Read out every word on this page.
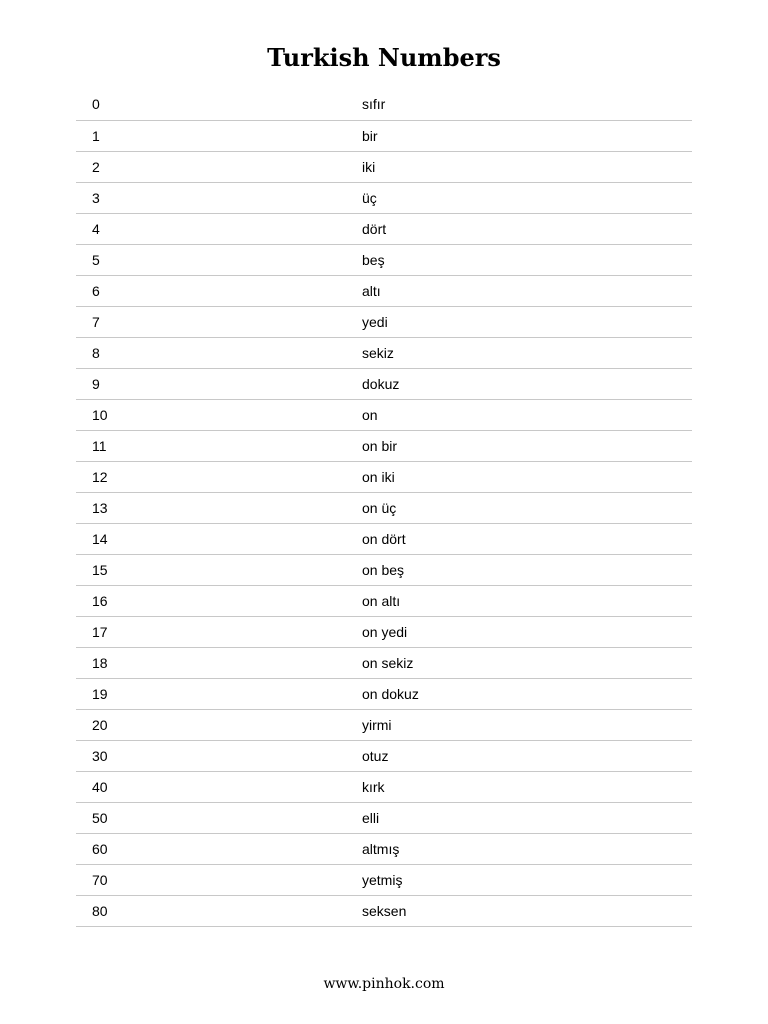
Turkish Numbers
0	sıfır
1	bir
2	iki
3	üç
4	dört
5	beş
6	altı
7	yedi
8	sekiz
9	dokuz
10	on
11	on bir
12	on iki
13	on üç
14	on dört
15	on beş
16	on altı
17	on yedi
18	on sekiz
19	on dokuz
20	yirmi
30	otuz
40	kırk
50	elli
60	altmış
70	yetmiş
80	seksen
www.pinhok.com
